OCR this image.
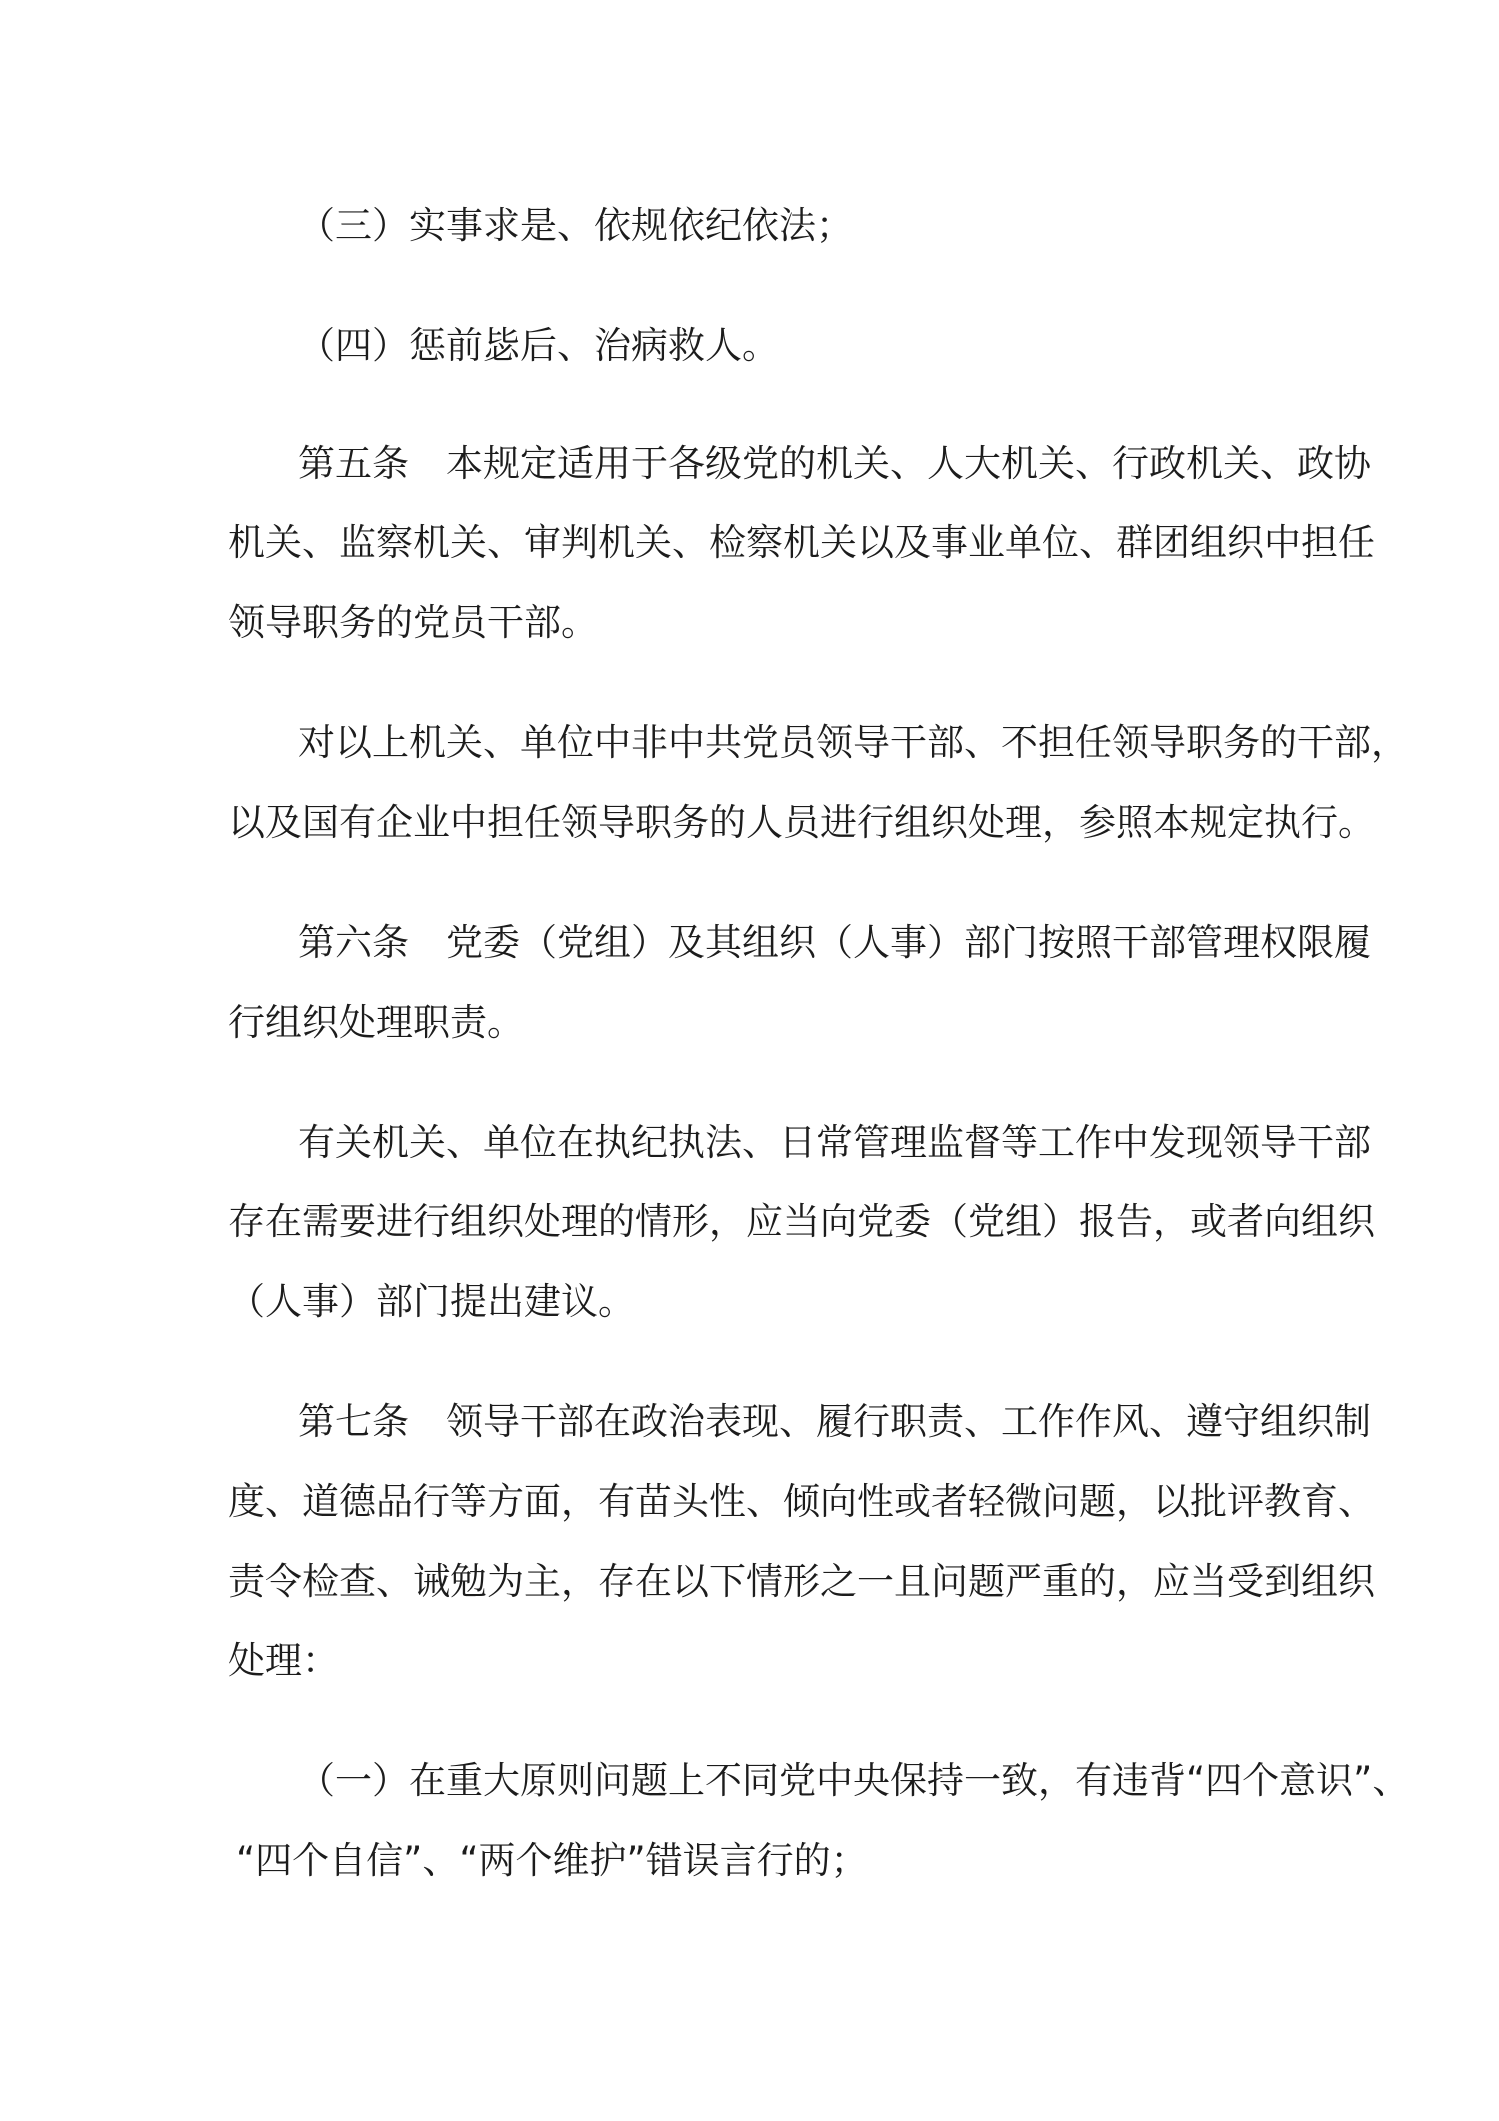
（三）实事求是、依规依纪依法；
（四）惩前毖后、治病救人。
第五条　本规定适用于各级党的机关、人大机关、行政机关、政协
机关、监察机关、审判机关、检察机关以及事业单位、群团组织中担任
领导职务的党员干部。
对以上机关、单位中非中共党员领导干部、不担任领导职务的干部，
以及国有企业中担任领导职务的人员进行组织处理，参照本规定执行。
第六条　党委（党组）及其组织（人事）部门按照干部管理权限履
行组织处理职责。
有关机关、单位在执纪执法、日常管理监督等工作中发现领导干部
存在需要进行组织处理的情形，应当向党委（党组）报告，或者向组织
（人事）部门提出建议。
第七条　领导干部在政治表现、履行职责、工作作风、遵守组织制
度、道德品行等方面，有苗头性、倾向性或者轻微问题，以批评教育、
责令检查、诫勉为主，存在以下情形之一且问题严重的，应当受到组织
处理：
（一）在重大原则问题上不同党中央保持一致，有违背“四个意识”、
“四个自信”、“两个维护”错误言行的；
